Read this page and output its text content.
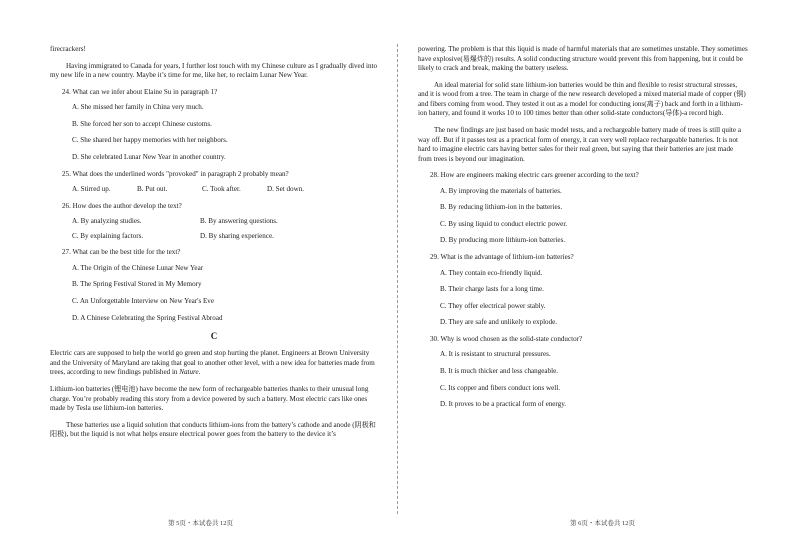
firecrackers!

Having immigrated to Canada for years, I further lost touch with my Chinese culture as I gradually dived into my new life in a new country. Maybe it’s time for me, like her, to reclaim Lunar New Year.

24. What can we infer about Elaine Su in paragraph 1?
A. She missed her family in China very much.
B. She forced her son to accept Chinese customs.
C. She shared her happy memories with her neighbors.
D. She celebrated Lunar New Year in another country.
25. What does the underlined words "provoked" in paragraph 2 probably mean?
A. Stirred up.	B. Put out.	C. Took after.	D. Set down.
26. How does the author develop the text?
A. By analyzing studies.	B. By answering questions.
C. By explaining factors.	D. By sharing experience.
27. What can be the best title for the text?
A. The Origin of the Chinese Lunar New Year
B. The Spring Festival Stored in My Memory
C. An Unforgettable Interview on New Year's Eve
D. A Chinese Celebrating the Spring Festival Abroad
C

Electric cars are supposed to help the world go green and stop hurting the planet. Engineers at Brown University and the University of Maryland are taking that goal to another other level, with a new idea for batteries made from trees, according to new findings published in Nature.

Lithium-ion batteries (锂电池) have become the new form of rechargeable batteries thanks to their unusual long charge. You’re probably reading this story from a device powered by such a battery. Most electric cars like ones made by Tesla use lithium-ion batteries.

These batteries use a liquid solution that conducts lithium-ions from the battery’s cathode and anode (阴极和阳极), but the liquid is not what helps ensure electrical power goes from the battery to the device it’s

powering. The problem is that this liquid is made of harmful materials that are sometimes unstable. They sometimes have explosive(易爆炸的) results. A solid conducting structure would prevent this from happening, but it could be likely to crack and break, making the battery useless.

An ideal material for solid state lithium-ion batteries would be thin and flexible to resist structural stresses, and it is wood from a tree. The team in charge of the new research developed a mixed material made of copper (铜) and fibers coming from wood. They tested it out as a model for conducting ions(离子) back and forth in a lithium-ion battery, and found it works 10 to 100 times better than other solid-state conductors(导体)-a record high.

The new findings are just based on basic model tests, and a rechargeable battery made of trees is still quite a way off. But if it passes test as a practical form of energy, it can very well replace rechargeable batteries. It is not hard to imagine electric cars having better sales for their real green, but saying that their batteries are just made from trees is beyond our imagination.

28. How are engineers making electric cars greener according to the text?
A. By improving the materials of batteries.
B. By reducing lithium-ion in the batteries.
C. By using liquid to conduct electric power.
D. By producing more lithium-ion batteries.
29. What is the advantage of lithium-ion batteries?
A. They contain eco-friendly liquid.
B. Their charge lasts for a long time.
C. They offer electrical power stably.
D. They are safe and unlikely to explode.
30. Why is wood chosen as the solid-state conductor?
A. It is resistant to structural pressures.
B. It is much thicker and less changeable.
C. Its copper and fibers conduct ions well.
D. It proves to be a practical form of energy.
第 5页・本试卷共 12页	第 6页・本试卷共 12页
